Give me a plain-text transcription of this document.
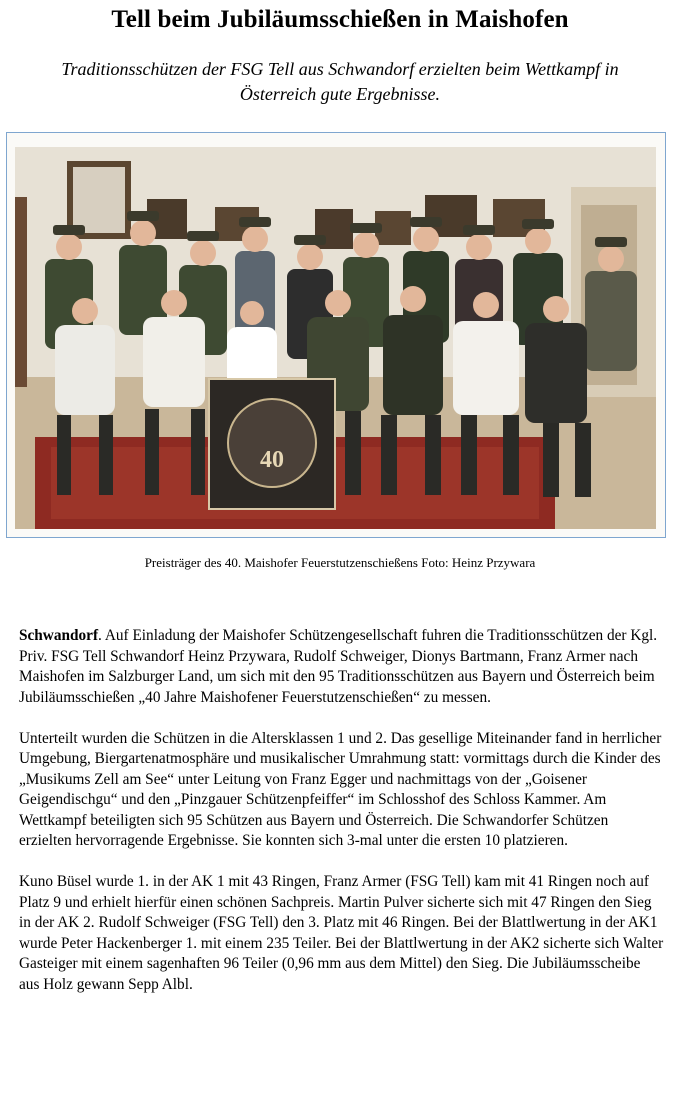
Tell beim Jubiläumsschießen in Maishofen

Traditionsschützen der FSG Tell aus Schwandorf erzielten beim Wettkampf in Österreich gute Ergebnisse.

40

Preisträger des 40. Maishofer Feuerstutzenschießens Foto: Heinz Przywara

Schwandorf. Auf Einladung der Maishofer Schützengesellschaft fuhren die Traditionsschützen der Kgl. Priv. FSG Tell Schwandorf Heinz Przywara, Rudolf Schweiger, Dionys Bartmann, Franz Armer nach Maishofen im Salzburger Land, um sich mit den 95 Traditionsschützen aus Bayern und Österreich beim Jubiläumsschießen „40 Jahre Maishofener Feuerstutzenschießen“ zu messen.

Unterteilt wurden die Schützen in die Altersklassen 1 und 2. Das gesellige Miteinander fand in herrlicher Umgebung, Biergartenatmosphäre und musikalischer Umrahmung statt: vormittags durch die Kinder des „Musikums Zell am See“ unter Leitung von Franz Egger und nachmittags von der „Goisener Geigendischgu“ und den „Pinzgauer Schützenpfeiffer“ im Schlosshof des Schloss Kammer. Am Wettkampf beteiligten sich 95 Schützen aus Bayern und Österreich. Die Schwandorfer Schützen erzielten hervorragende Ergebnisse. Sie konnten sich 3-mal unter die ersten 10 platzieren.

Kuno Büsel wurde 1. in der AK 1 mit 43 Ringen, Franz Armer (FSG Tell) kam mit 41 Ringen noch auf Platz 9 und erhielt hierfür einen schönen Sachpreis. Martin Pulver sicherte sich mit 47 Ringen den Sieg in der AK 2. Rudolf Schweiger (FSG Tell) den 3. Platz mit 46 Ringen. Bei der Blattlwertung in der AK1 wurde Peter Hackenberger 1. mit einem 235 Teiler. Bei der Blattlwertung in der AK2 sicherte sich Walter Gasteiger mit einem sagenhaften 96 Teiler (0,96 mm aus dem Mittel) den Sieg. Die Jubiläumsscheibe aus Holz gewann Sepp Albl.
